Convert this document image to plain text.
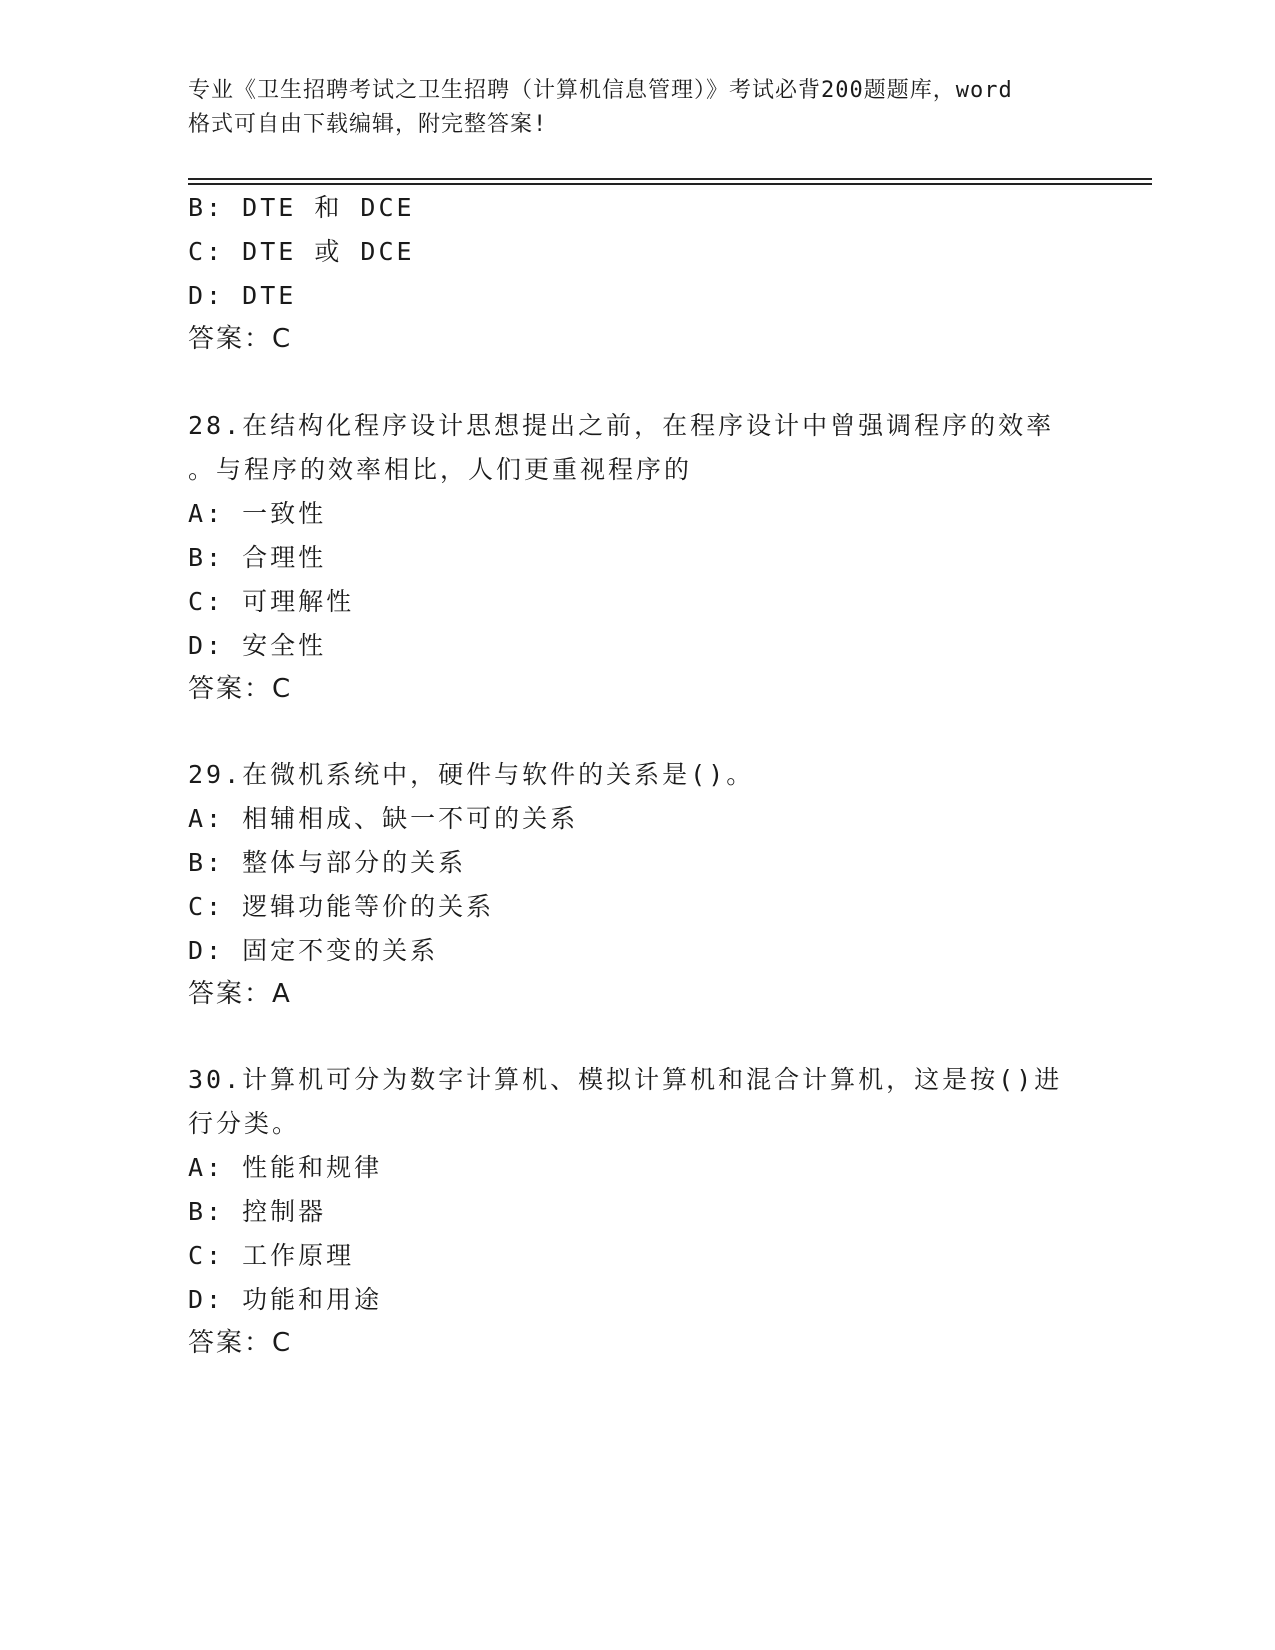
专业《卫生招聘考试之卫生招聘（计算机信息管理）》考试必背200题题库，word
格式可自由下载编辑，附完整答案!
B: DTE 和 DCE
C: DTE 或 DCE
D: DTE
答案：C
28.在结构化程序设计思想提出之前，在程序设计中曾强调程序的效率
。与程序的效率相比，人们更重视程序的
A: 一致性
B: 合理性
C: 可理解性
D: 安全性
答案：C
29.在微机系统中，硬件与软件的关系是()。
A: 相辅相成、缺一不可的关系
B: 整体与部分的关系
C: 逻辑功能等价的关系
D: 固定不变的关系
答案：A
30.计算机可分为数字计算机、模拟计算机和混合计算机，这是按()进
行分类。
A: 性能和规律
B: 控制器
C: 工作原理
D: 功能和用途
答案：C
